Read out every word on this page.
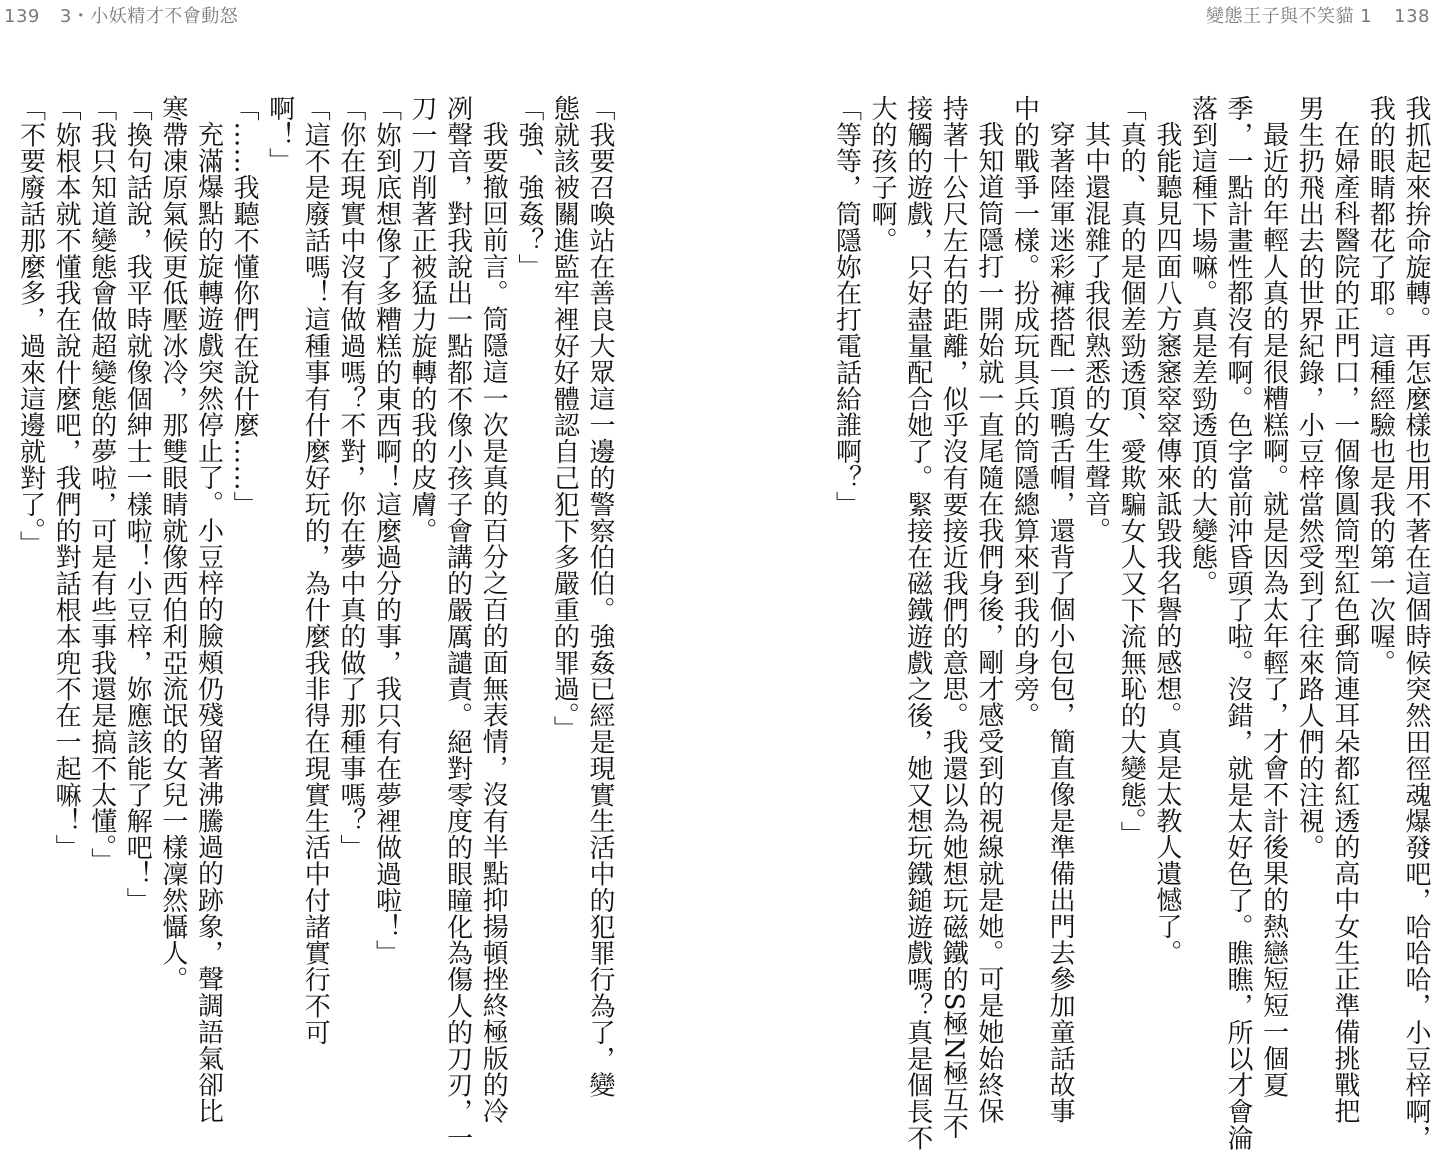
139 3・小妖精才不會動怒
「我要召喚站在善良大眾這一邊的警察伯伯。強姦已經是現實生活中的犯罪行為了，變
態就該被關進監牢裡好好體認自己犯下多嚴重的罪過。」
「強、強姦？」
我要撤回前言。筒隱這一次是真的百分之百的面無表情，沒有半點抑揚頓挫終極版的冷
冽聲音，對我說出一點都不像小孩子會講的嚴厲譴責。絕對零度的眼瞳化為傷人的刀刃，一
刀一刀削著正被猛力旋轉的我的皮膚。
「妳到底想像了多糟糕的東西啊！這麼過分的事，我只有在夢裡做過啦！」
「你在現實中沒有做過嗎？不對，你在夢中真的做了那種事嗎？」
「這不是廢話嗎！這種事有什麼好玩的，為什麼我非得在現實生活中付諸實行不可
啊！」
「……我聽不懂你們在說什麼……」
充滿爆點的旋轉遊戲突然停止了。小豆梓的臉頰仍殘留著沸騰過的跡象，聲調語氣卻比
寒帶凍原氣候更低壓冰冷，那雙眼睛就像西伯利亞流氓的女兒一樣凜然懾人。
「換句話說，我平時就像個紳士一樣啦！小豆梓，妳應該能了解吧！」
「我只知道變態會做超變態的夢啦，可是有些事我還是搞不太懂。」
「妳根本就不懂我在說什麼吧，我們的對話根本兜不在一起嘛！」
「不要廢話那麼多，過來這邊就對了。」
變態王子與不笑貓 1 138
我抓起來拚命旋轉。再怎麼樣也用不著在這個時候突然田徑魂爆發吧，哈哈哈，小豆梓啊，
我的眼睛都花了耶。這種經驗也是我的第一次喔。
在婦產科醫院的正門口，一個像圓筒型紅色郵筒連耳朵都紅透的高中女生正準備挑戰把
男生扔飛出去的世界紀錄，小豆梓當然受到了往來路人們的注視。
最近的年輕人真的是很糟糕啊。就是因為太年輕了，才會不計後果的熱戀短短一個夏
季，一點計畫性都沒有啊。色字當前沖昏頭了啦。沒錯，就是太好色了。瞧瞧，所以才會淪
落到這種下場嘛。真是差勁透頂的大變態。
我能聽見四面八方窸窸窣窣傳來詆毀我名譽的感想。真是太教人遺憾了。
「真的、真的是個差勁透頂、愛欺騙女人又下流無恥的大變態。」
其中還混雜了我很熟悉的女生聲音。
穿著陸軍迷彩褲搭配一頂鴨舌帽，還背了個小包包，簡直像是準備出門去參加童話故事
中的戰爭一樣。扮成玩具兵的筒隱總算來到我的身旁。
我知道筒隱打一開始就一直尾隨在我們身後，剛才感受到的視線就是她。可是她始終保
持著十公尺左右的距離，似乎沒有要接近我們的意思。我還以為她想玩磁鐵的S極N極互不
接觸的遊戲，只好盡量配合她了。緊接在磁鐵遊戲之後，她又想玩鐵鎚遊戲嗎？真是個長不
大的孩子啊。
「等等，筒隱妳在打電話給誰啊？」
